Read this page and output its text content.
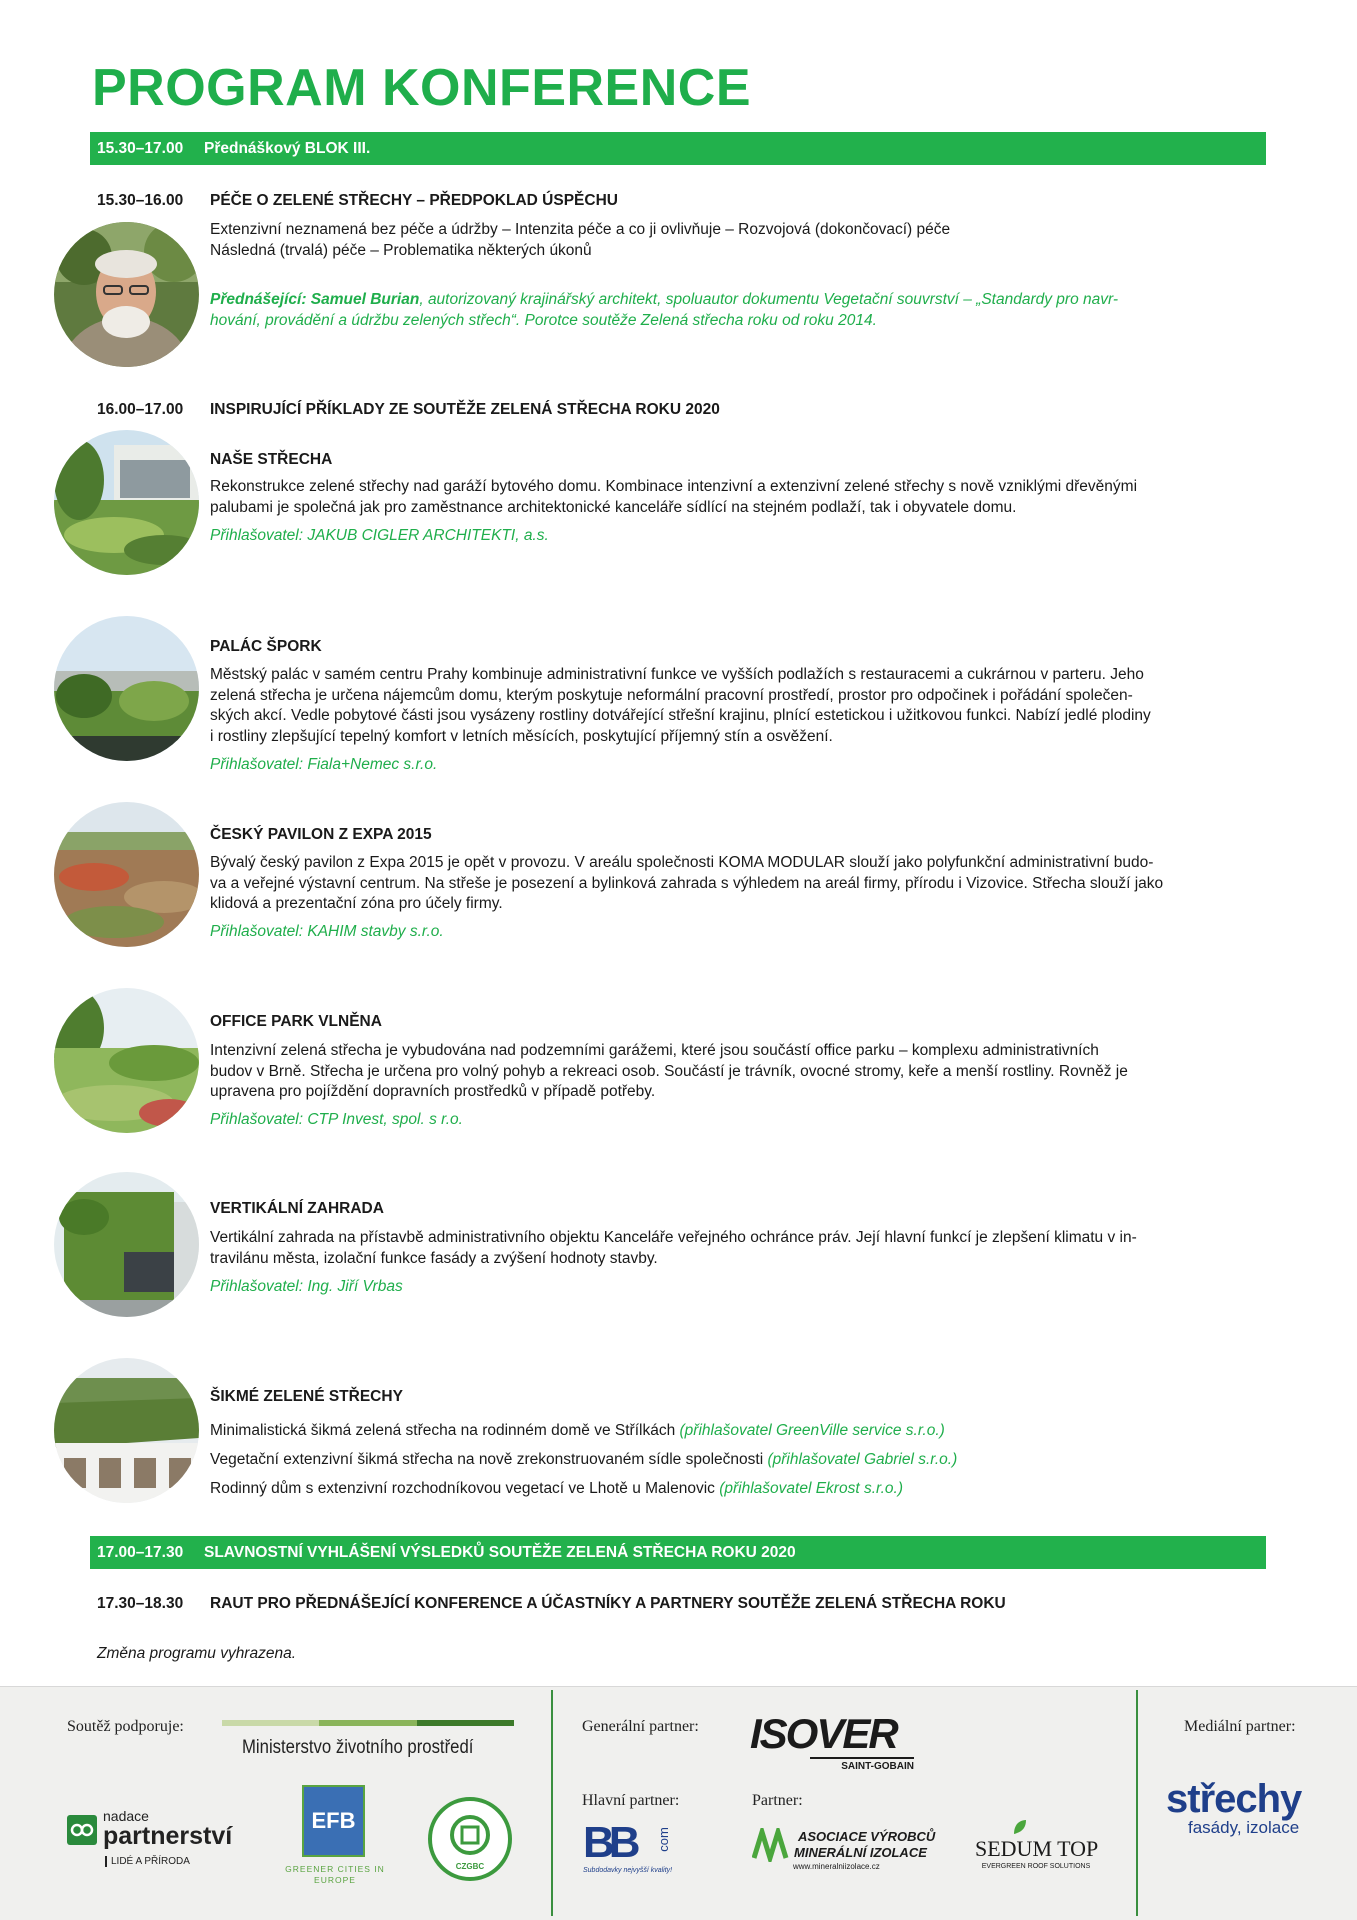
PROGRAM KONFERENCE
15.30–17.00	Přednáškový BLOK III.
15.30–16.00 PÉČE O ZELENÉ STŘECHY – PŘEDPOKLAD ÚSPĚCHU
Extenzivní neznamená bez péče a údržby – Intenzita péče a co ji ovlivňuje – Rozvojová (dokončovací) péče
Následná (trvalá) péče – Problematika některých úkonů
Přednášející: Samuel Burian, autorizovaný krajinářský architekt, spoluautor dokumentu Vegetační souvrství – „Standardy pro navr-
hování, provádění a údržbu zelených střech“. Porotce soutěže Zelená střecha roku od roku 2014.
16.00–17.00 INSPIRUJÍCÍ PŘÍKLADY ZE SOUTĚŽE ZELENÁ STŘECHA ROKU 2020
NAŠE STŘECHA
Rekonstrukce zelené střechy nad garáží bytového domu. Kombinace intenzivní a extenzivní zelené střechy s nově vzniklými dřevěnými
palubami je společná jak pro zaměstnance architektonické kanceláře sídlící na stejném podlaží, tak i obyvatele domu.
Přihlašovatel: JAKUB CIGLER ARCHITEKTI, a.s.
PALÁC ŠPORK
Městský palác v samém centru Prahy kombinuje administrativní funkce ve vyšších podlažích s restauracemi a cukrárnou v parteru. Jeho
zelená střecha je určena nájemcům domu, kterým poskytuje neformální pracovní prostředí, prostor pro odpočinek i pořádání společen-
ských akcí. Vedle pobytové části jsou vysázeny rostliny dotvářející střešní krajinu, plnící estetickou i užitkovou funkci. Nabízí jedlé plodiny
i rostliny zlepšující tepelný komfort v letních měsících, poskytující příjemný stín a osvěžení.
Přihlašovatel: Fiala+Nemec s.r.o.
ČESKÝ PAVILON Z EXPA 2015
Bývalý český pavilon z Expa 2015 je opět v provozu. V areálu společnosti KOMA MODULAR slouží jako polyfunkční administrativní budo-
va a veřejné výstavní centrum. Na střeše je posezení a bylinková zahrada s výhledem na areál firmy, přírodu i Vizovice. Střecha slouží jako
klidová a prezentační zóna pro účely firmy.
Přihlašovatel: KAHIM stavby s.r.o.
OFFICE PARK VLNĚNA
Intenzivní zelená střecha je vybudována nad podzemními garážemi, které jsou součástí office parku – komplexu administrativních
budov v Brně. Střecha je určena pro volný pohyb a rekreaci osob. Součástí je trávník, ovocné stromy, keře a menší rostliny. Rovněž je
upravena pro pojíždění dopravních prostředků v případě potřeby.
Přihlašovatel: CTP Invest, spol. s r.o.
VERTIKÁLNÍ ZAHRADA
Vertikální zahrada na přístavbě administrativního objektu Kanceláře veřejného ochránce práv. Její hlavní funkcí je zlepšení klimatu v in-
travilánu města, izolační funkce fasády a zvýšení hodnoty stavby.
Přihlašovatel: Ing. Jiří Vrbas
ŠIKMÉ ZELENÉ STŘECHY
Minimalistická šikmá zelená střecha na rodinném domě ve Střílkách (přihlašovatel GreenVille service s.r.o.)
Vegetační extenzivní šikmá střecha na nově zrekonstruovaném sídle společnosti (přihlašovatel Gabriel s.r.o.)
Rodinný dům s extenzivní rozchodníkovou vegetací ve Lhotě u Malenovic (přihlašovatel Ekrost s.r.o.)
17.00–17.30	SLAVNOSTNÍ VYHLÁŠENÍ VÝSLEDKŮ SOUTĚŽE ZELENÁ STŘECHA ROKU 2020
17.30–18.30 RAUT PRO PŘEDNÁŠEJÍCÍ KONFERENCE A ÚČASTNÍKY A PARTNERY SOUTĚŽE ZELENÁ STŘECHA ROKU
Změna programu vyhrazena.
Soutěž podporuje:
Ministerstvo životního prostředí
nadace
partnerství
LIDÉ A PŘÍRODA
EFB
GREENER CITIES IN EUROPE
CZGBC
Generální partner: ISOVER
SAINT-GOBAIN
Hlavní partner:
BB com
Subdodavky nejvyšší kvality!
Partner:
ASOCIACE VÝROBCŮ
MINERÁLNÍ IZOLACE
www.mineralniizolace.cz
SEDUM TOP
EVERGREEN ROOF SOLUTIONS
Mediální partner:
střechy
fasády, izolace
